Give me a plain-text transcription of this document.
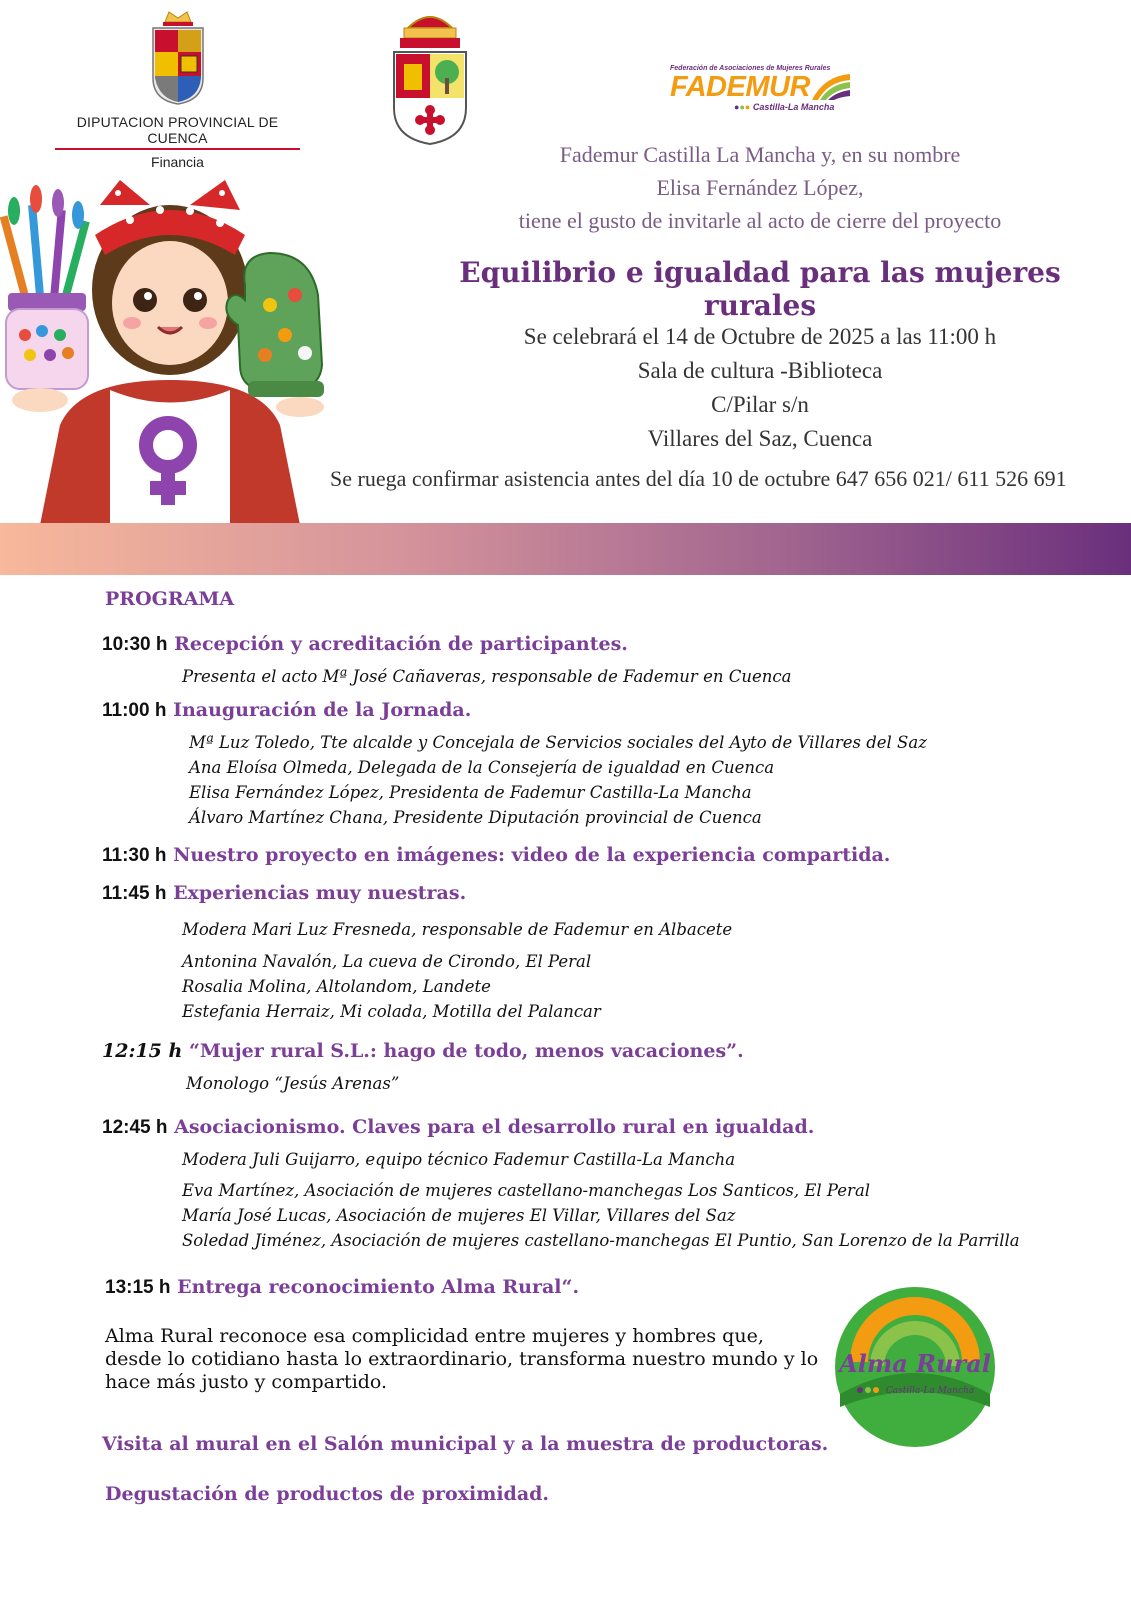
DIPUTACION PROVINCIAL DE CUENCA
Financia
Federación de Asociaciones de Mujeres Rurales
FADEMUR
●●● Castilla-La Mancha
Fademur Castilla La Mancha y, en su nombre
Elisa Fernández López,
tiene el gusto de invitarle al acto de cierre del proyecto
Equilibrio e igualdad para las mujeres rurales
Se celebrará el 14 de Octubre de 2025 a las 11:00 h
Sala de cultura -Biblioteca
C/Pilar s/n
Villares del Saz, Cuenca
Se ruega confirmar asistencia antes del día 10 de octubre 647 656 021/ 611 526 691
PROGRAMA
10:30 h Recepción y acreditación de participantes.
Presenta el acto Mª José Cañaveras, responsable de Fademur en Cuenca
11:00 h Inauguración de la Jornada.
Mª Luz Toledo, Tte alcalde y Concejala de Servicios sociales del Ayto de Villares del Saz
Ana Eloísa Olmeda, Delegada de la Consejería de igualdad en Cuenca
Elisa Fernández López, Presidenta de Fademur Castilla-La Mancha
Álvaro Martínez Chana, Presidente Diputación provincial de Cuenca
11:30 h Nuestro proyecto en imágenes: video de la experiencia compartida.
11:45 h Experiencias muy nuestras.
Modera Mari Luz Fresneda, responsable de Fademur en Albacete
Antonina Navalón, La cueva de Cirondo, El Peral
Rosalia Molina, Altolandom, Landete
Estefania Herraiz, Mi colada, Motilla del Palancar
12:15 h “Mujer rural S.L.: hago de todo, menos vacaciones”.
Monologo “Jesús Arenas”
12:45 h Asociacionismo. Claves para el desarrollo rural en igualdad.
Modera Juli Guijarro, equipo técnico Fademur Castilla-La Mancha
Eva Martínez, Asociación de mujeres castellano-manchegas Los Santicos, El Peral
María José Lucas, Asociación de mujeres El Villar, Villares del Saz
Soledad Jiménez, Asociación de mujeres castellano-manchegas El Puntio, San Lorenzo de la Parrilla
13:15 h Entrega reconocimiento Alma Rural“.
Alma Rural reconoce esa complicidad entre mujeres y hombres que, desde lo cotidiano hasta lo extraordinario, transforma nuestro mundo y lo hace más justo y compartido.
Alma Rural
Castilla-La Mancha
Visita al mural en el Salón municipal y a la muestra de productoras.
Degustación de productos de proximidad.
